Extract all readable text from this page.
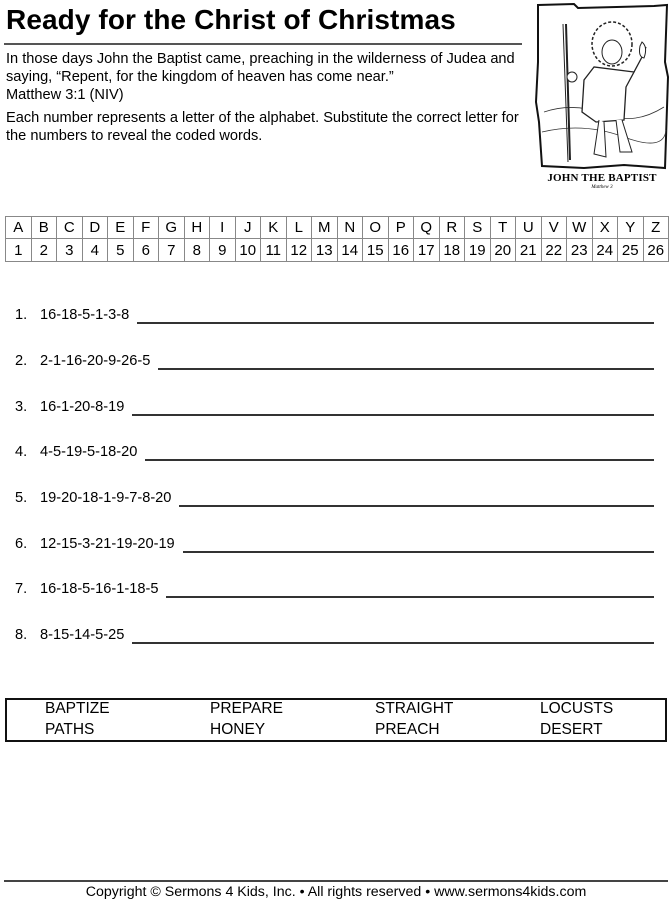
Ready for the Christ of Christmas
In those days John the Baptist came, preaching in the wilderness of Judea and saying, “Repent, for the kingdom of heaven has come near.”
Matthew 3:1 (NIV)
Each number represents a letter of the alphabet. Substitute the correct letter for the numbers to reveal the coded words.
JOHN THE BAPTIST
Matthew 3
A	B	C	D	E	F	G	H	I	J	K	L	M	N	O	P	Q	R	S	T	U	V	W	X	Y	Z
1	2	3	4	5	6	7	8	9	10	11	12	13	14	15	16	17	18	19	20	21	22	23	24	25	26
1. 16-18-5-1-3-8
2. 2-1-16-20-9-26-5
3. 16-1-20-8-19
4. 4-5-19-5-18-20
5. 19-20-18-1-9-7-8-20
6. 12-15-3-21-19-20-19
7. 16-18-5-16-1-18-5
8. 8-15-14-5-25
BAPTIZE	PREPARE	STRAIGHT	LOCUSTS
PATHS	HONEY	PREACH	DESERT
Copyright © Sermons 4 Kids, Inc. • All rights reserved • www.sermons4kids.com
